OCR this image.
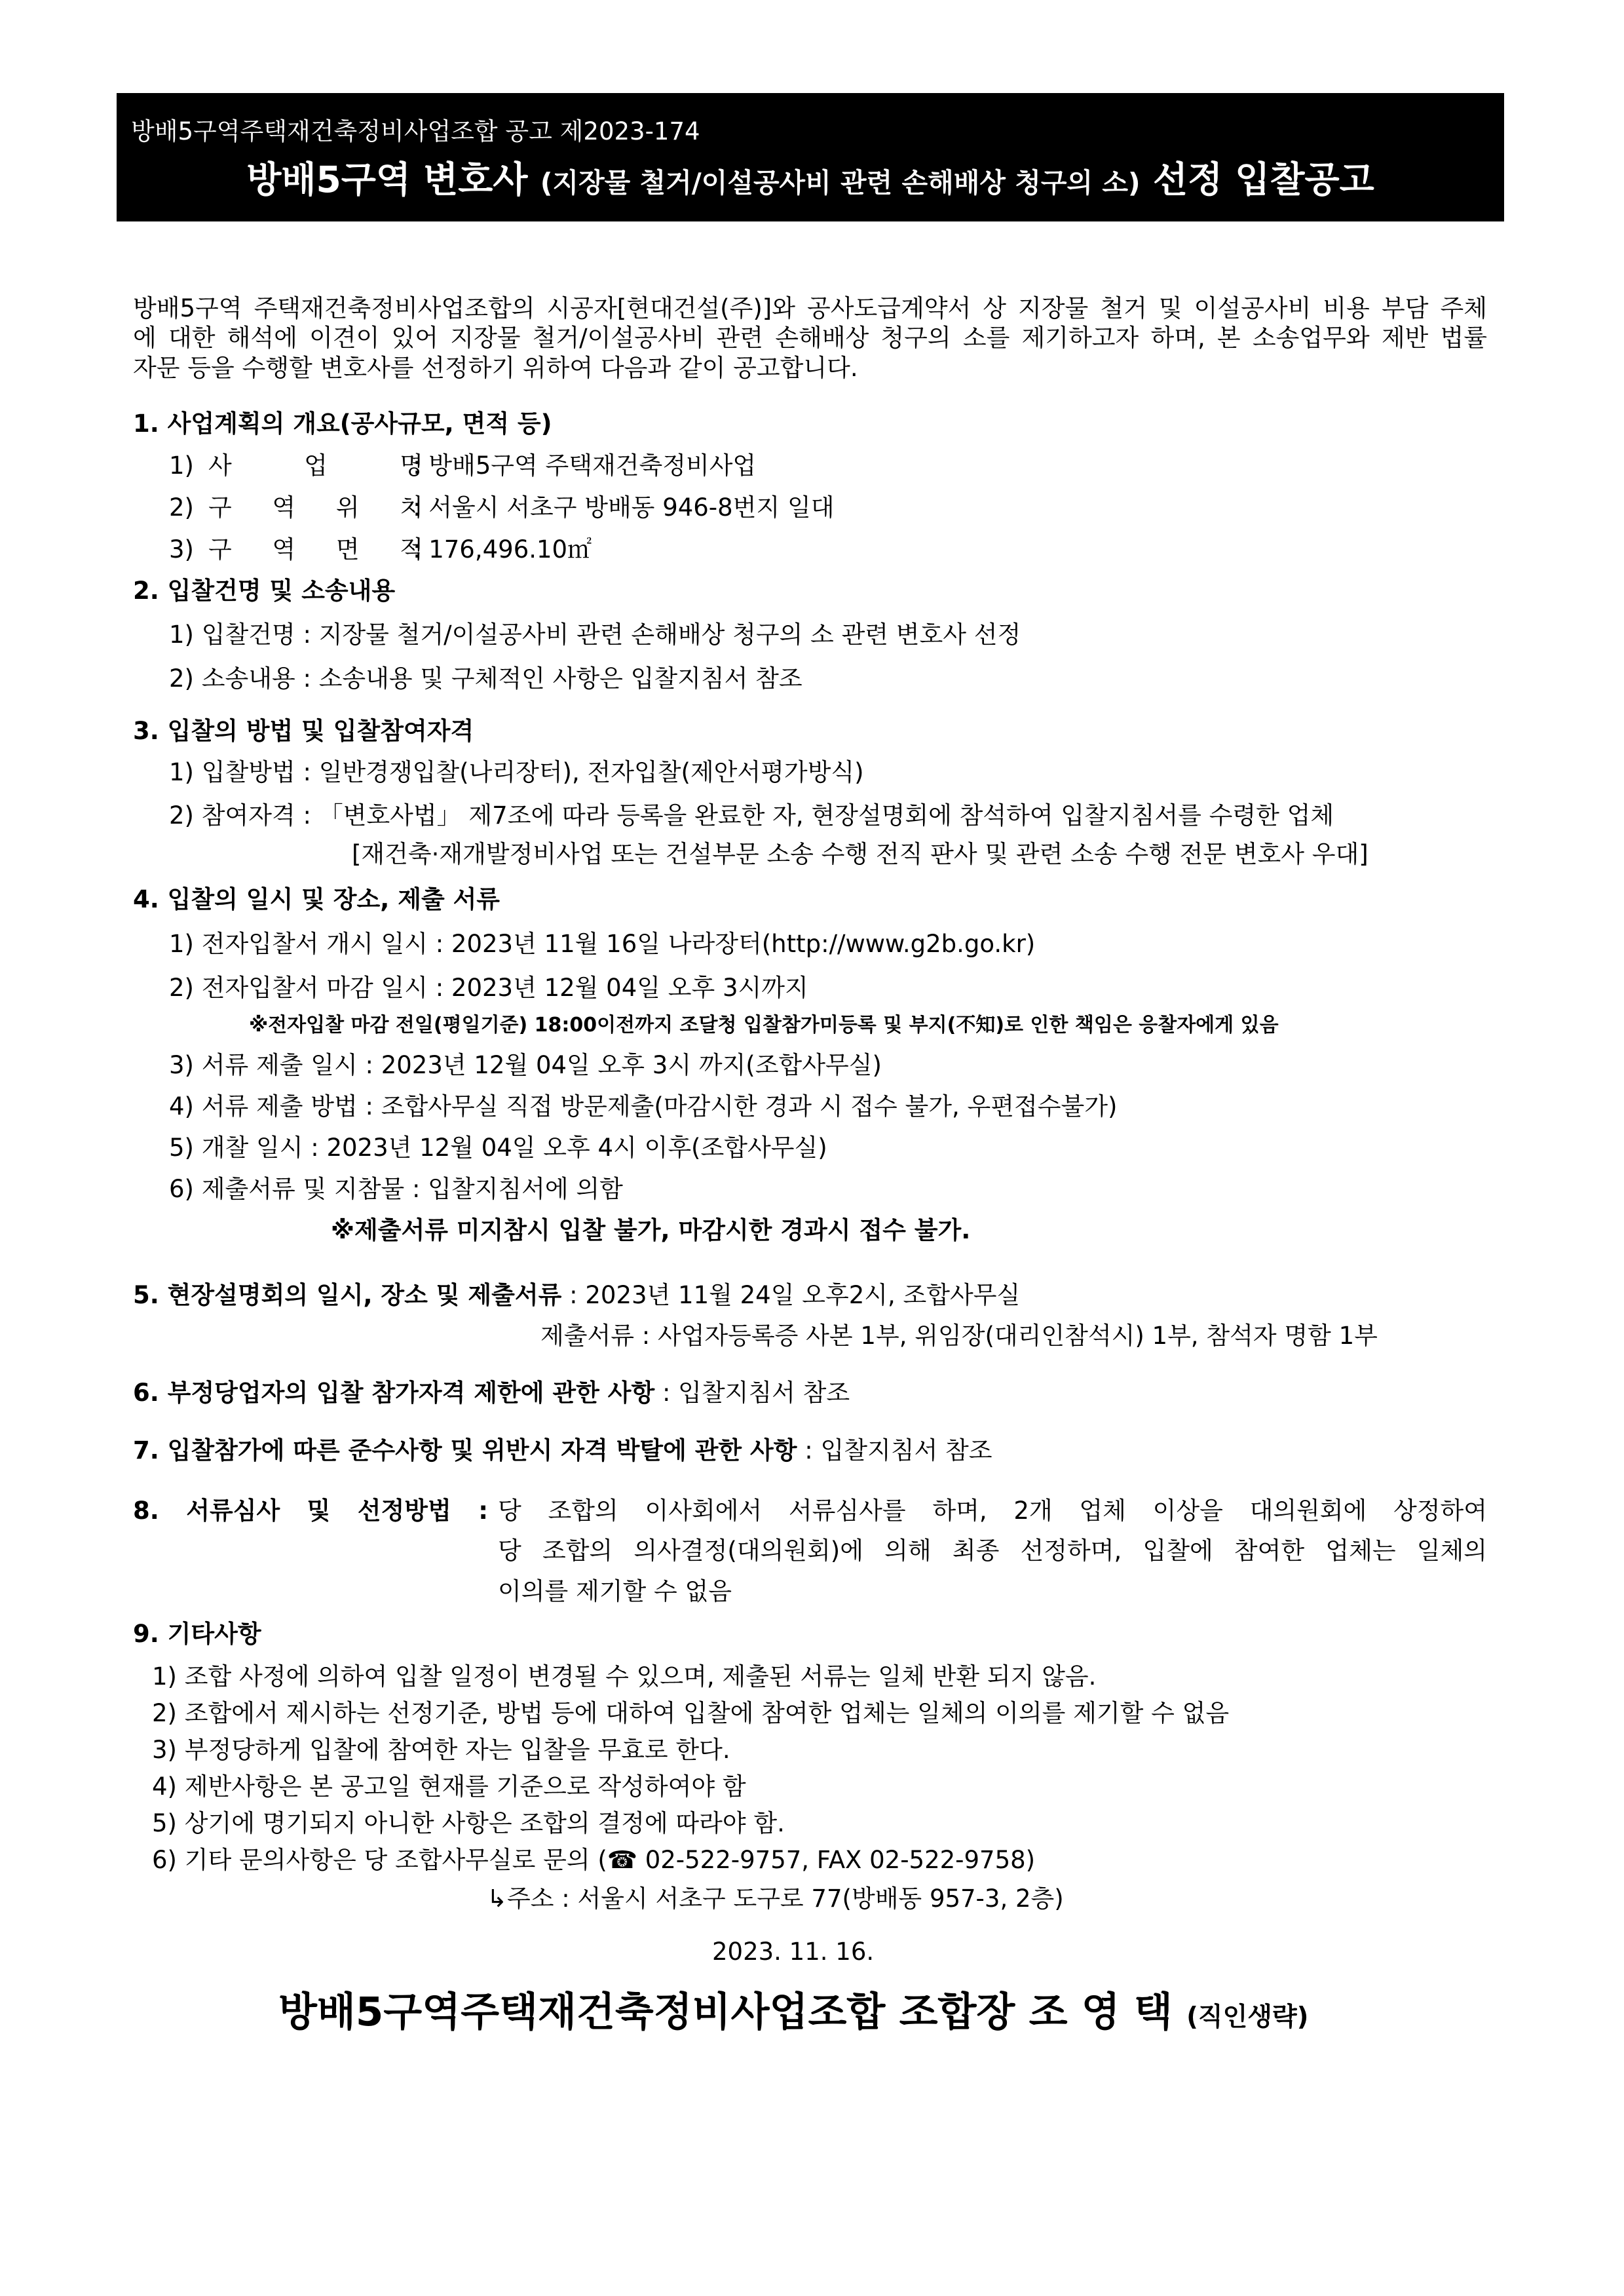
방배5구역주택재건축정비사업조합 공고 제2023-174
방배5구역 변호사 (지장물 철거/이설공사비 관련 손해배상 청구의 소) 선정 입찰공고
방배5구역 주택재건축정비사업조합의 시공자[현대건설(주)]와 공사도급계약서 상 지장물 철거 및 이설공사비 비용 부담 주체
에 대한 해석에 이견이 있어 지장물 철거/이설공사비 관련 손해배상 청구의 소를 제기하고자 하며, 본 소송업무와 제반 법률
자문 등을 수행할 변호사를 선정하기 위하여 다음과 같이 공고합니다.
1. 사업계획의 개요(공사규모, 면적 등)
1) 사 업 명
: 방배5구역 주택재건축정비사업
2) 구 역 위 치
: 서울시 서초구 방배동 946-8번지 일대
3) 구 역 면 적
: 176,496.10㎡
2. 입찰건명 및 소송내용
1) 입찰건명 : 지장물 철거/이설공사비 관련 손해배상 청구의 소 관련 변호사 선정
2) 소송내용 : 소송내용 및 구체적인 사항은 입찰지침서 참조
3. 입찰의 방법 및 입찰참여자격
1) 입찰방법 : 일반경쟁입찰(나리장터), 전자입찰(제안서평가방식)
2) 참여자격 : 「변호사법」 제7조에 따라 등록을 완료한 자, 현장설명회에 참석하여 입찰지침서를 수령한 업체
[재건축·재개발정비사업 또는 건설부문 소송 수행 전직 판사 및 관련 소송 수행 전문 변호사 우대]
4. 입찰의 일시 및 장소, 제출 서류
1) 전자입찰서 개시 일시 : 2023년 11월 16일 나라장터(http://www.g2b.go.kr)
2) 전자입찰서 마감 일시 : 2023년 12월 04일 오후 3시까지
※전자입찰 마감 전일(평일기준) 18:00이전까지 조달청 입찰참가미등록 및 부지(不知)로 인한 책임은 응찰자에게 있음
3) 서류 제출 일시 : 2023년 12월 04일 오후 3시 까지(조합사무실)
4) 서류 제출 방법 : 조합사무실 직접 방문제출(마감시한 경과 시 접수 불가, 우편접수불가)
5) 개찰 일시 : 2023년 12월 04일 오후 4시 이후(조합사무실)
6) 제출서류 및 지참물 : 입찰지침서에 의함
※제출서류 미지참시 입찰 불가, 마감시한 경과시 접수 불가.
5. 현장설명회의 일시, 장소 및 제출서류 : 2023년 11월 24일 오후2시, 조합사무실
제출서류 : 사업자등록증 사본 1부, 위임장(대리인참석시) 1부, 참석자 명함 1부
6. 부정당업자의 입찰 참가자격 제한에 관한 사항 : 입찰지침서 참조
7. 입찰참가에 따른 준수사항 및 위반시 자격 박탈에 관한 사항 : 입찰지침서 참조
8. 서류심사 및 선정방법 : 당 조합의 이사회에서 서류심사를 하며, 2개 업체 이상을 대의원회에 상정하여
당 조합의 의사결정(대의원회)에 의해 최종 선정하며, 입찰에 참여한 업체는 일체의
이의를 제기할 수 없음
9. 기타사항
1) 조합 사정에 의하여 입찰 일정이 변경될 수 있으며, 제출된 서류는 일체 반환 되지 않음.
2) 조합에서 제시하는 선정기준, 방법 등에 대하여 입찰에 참여한 업체는 일체의 이의를 제기할 수 없음
3) 부정당하게 입찰에 참여한 자는 입찰을 무효로 한다.
4) 제반사항은 본 공고일 현재를 기준으로 작성하여야 함
5) 상기에 명기되지 아니한 사항은 조합의 결정에 따라야 함.
6) 기타 문의사항은 당 조합사무실로 문의 (☎ 02-522-9757, FAX 02-522-9758)
↳주소 : 서울시 서초구 도구로 77(방배동 957-3, 2층)
2023. 11. 16.
방배5구역주택재건축정비사업조합 조합장 조 영 택 (직인생략)
